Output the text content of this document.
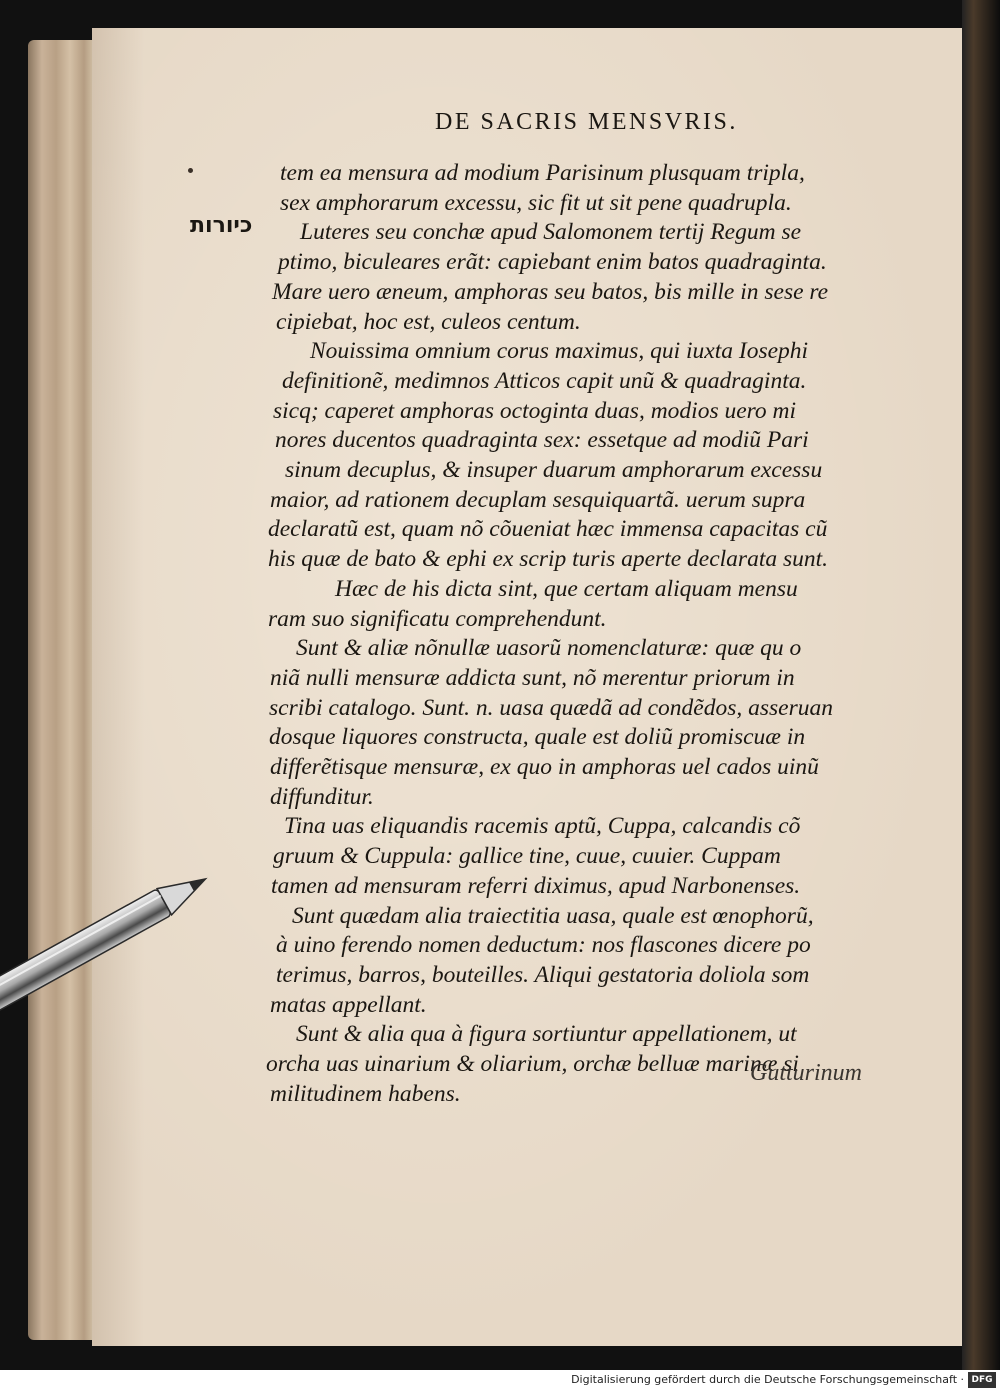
DE SACRIS MENSVRIS.
כיורות
tem ea mensura ad modium Parisinum plusquam tripla,
sex amphorarum excessu, sic fit ut sit pene quadrupla.
Luteres seu conchæ apud Salomonem tertij Regum se
ptimo, biculeares erãt: capiebant enim batos quadraginta.
Mare uero æneum, amphoras seu batos, bis mille in sese re
cipiebat, hoc est, culeos centum.
Nouissima omnium corus maximus, qui iuxta Iosephi
definitionẽ, medimnos Atticos capit unũ & quadraginta.
sicq; caperet amphoras octoginta duas, modios uero mi
nores ducentos quadraginta sex: essetque ad modiũ Pari
sinum decuplus, & insuper duarum amphorarum excessu
maior, ad rationem decuplam sesquiquartã. uerum supra
declaratũ est, quam nõ cõueniat hæc immensa capacitas cũ
his quæ de bato & ephi ex scrip turis aperte declarata sunt.
Hæc de his dicta sint, que certam aliquam mensu
ram suo significatu comprehendunt.
Sunt & aliæ nõnullæ uasorũ nomenclaturæ: quæ qu o
niã nulli mensuræ addicta sunt, nõ merentur priorum in
scribi catalogo. Sunt. n. uasa quædã ad condẽdos, asseruan
dosque liquores constructa, quale est doliũ promiscuæ in
differẽtisque mensuræ, ex quo in amphoras uel cados uinũ
diffunditur.
Tina uas eliquandis racemis aptũ, Cuppa, calcandis cõ
gruum & Cuppula: gallice tine, cuue, cuuier. Cuppam
tamen ad mensuram referri diximus, apud Narbonenses.
Sunt quædam alia traiectitia uasa, quale est œnophorũ,
à uino ferendo nomen deductum: nos flascones dicere po
terimus, barros, bouteilles. Aliqui gestatoria doliola som
matas appellant.
Sunt & alia qua à figura sortiuntur appellationem, ut
orcha uas uinarium & oliarium, orchæ belluæ marinæ si
militudinem habens.
Gutturinum
Digitalisierung gefördert durch die Deutsche Forschungsgemeinschaft · DFG
